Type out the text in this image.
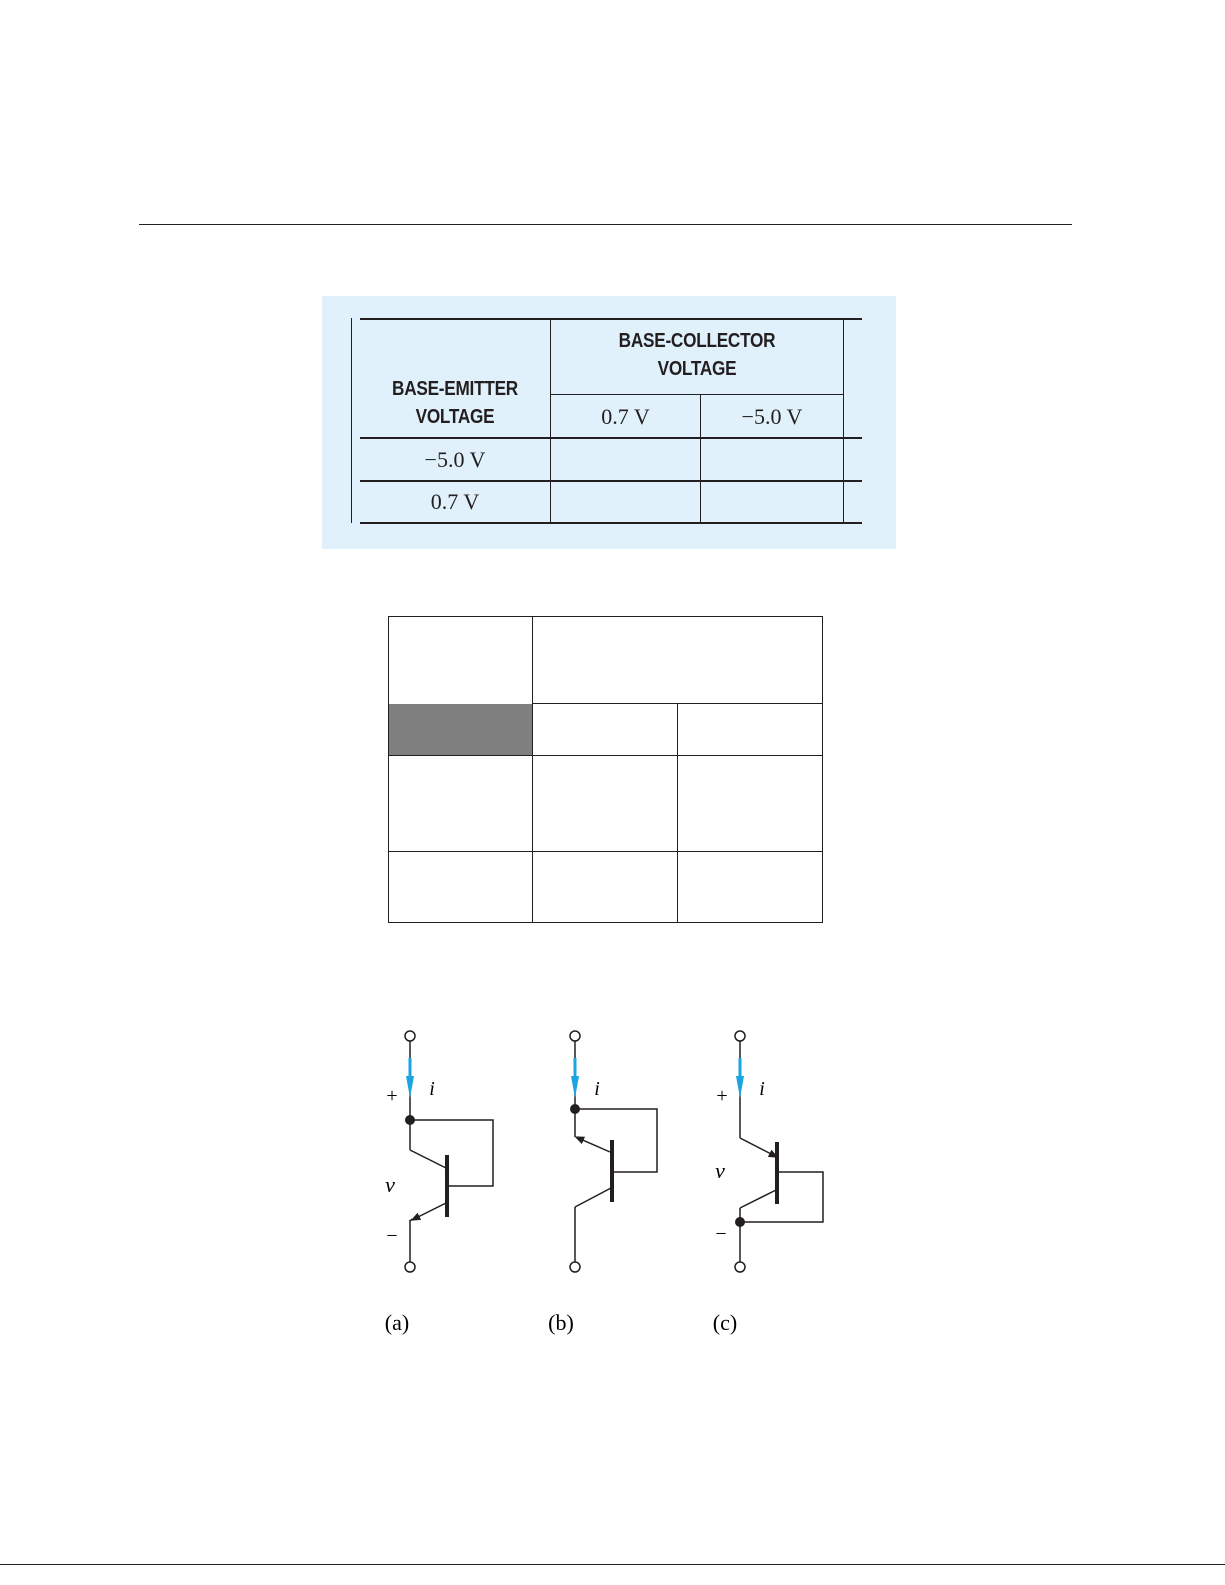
BASE-COLLECTOR
VOLTAGE
BASE-EMITTER
VOLTAGE	0.7 V	−5.0 V
−5.0 V
0.7 V
+ i
v
−
(a)
i
(b)
+ i
v
−
(c)
